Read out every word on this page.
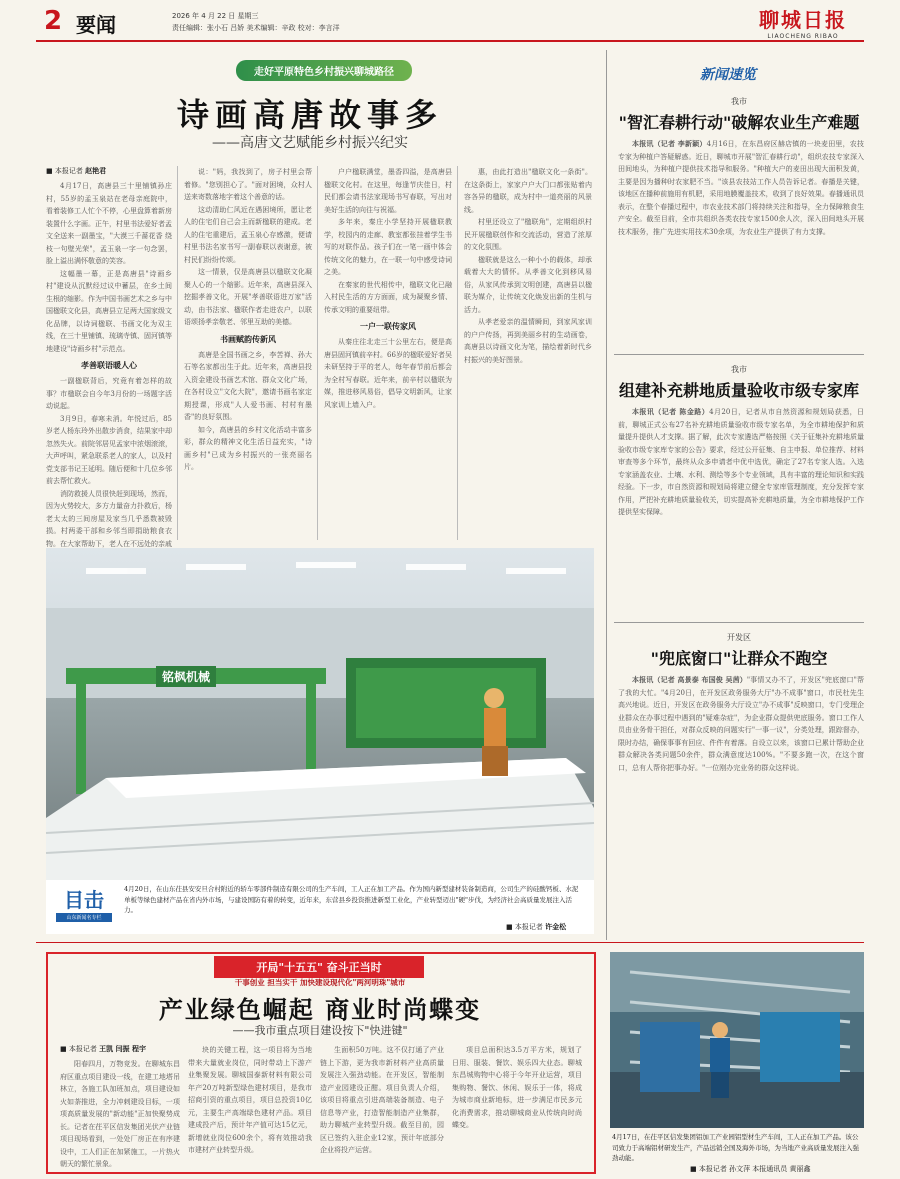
2 要闻	2026 年 4 月 22 日 星期三
责任编辑：张小石 吕娇 美术编辑：辛政 校对：李言洋	聊城日报
LIAOCHENG RIBAO
走好平原特色乡村振兴聊城路径
诗画高唐故事多
——高唐文艺赋能乡村振兴纪实
■ 本报记者 赵艳君

4月17日，高唐县三十里铺镇孙庄村，55岁的孟玉泉站在老母亲庭院中，看着装修工人忙个不停，心里盘算着新房装置什么字画。正午，村里书法爱好者孟文全送来一副墨宝，"大漠三千蔷花香 绕枝一句壁光荣"，孟玉泉一字一句念罢，脸上溢出满怀敬意的笑容。

这幅墨一幕，正是高唐县"诗画乡村"建设从沉默经过议中蓄层，在乡土间生根的缩影。作为中国书画艺术之乡与中国楹联文化县，高唐县立足两大国家级文化品牌，以诗词楹联、书画文化为双主线，在三十里铺镇、琉璃寺镇、固河镇等地建设"诗画乡村"示范点。

孝善联语暖人心

一副楹联背后，究竟有着怎样的故事？市楹联会自今年3月份的一场题字活动说起。

3月9日，春寒未消。年悦过后，85岁老人杨东玲外出散步消食，结果家中却忽然失火。前院邻居见孟家中浓烟滚滚，大声呼叫，紧急联系老人的家人，以及村党支部书记王延明。随后便和十几位乡邻前去帮忙救火。

消防救援人员很快赶到现场，然而，因为火势较大，多方力量奋力扑救后，杨老太太的三间房屋及家当几乎悉数被毁损。村两委干部和乡邻当即捐助粮食衣物。在大家帮助下，老人在不远处的亲戚

说："妈，我找到了，房子村里会帮着修。"您别担心了。"面对困境，众村人送来寄数落地字着这个善意的话。

这动清助仁风近在遇困境所，愿让老人的住宅们自己会主而新楹联的建成。老人的住宅重建后，孟玉泉心存感激，便请村里书法名家书写一副春联以表谢意，被村民们纷纷传颂。

这一情景，仅是高唐县以楹联文化凝聚人心的一个缩影。近年来，高唐县深入挖掘孝善文化，开展"孝善联语进万家"活动，由书法家、楹联作者走进农户，以联语颂扬孝亲敬老、邻里互助的美德。

书画赋韵传新风

高唐是全国书画之乡，李苦禅、孙大石等名家都出生于此。近年来，高唐县投入资金建设书画艺术馆、群众文化广场，在各村设立"文化大院"，邀请书画名家定期授课，形成"人人爱书画、村村有墨香"的良好氛围。

如今，高唐县的乡村文化活动丰富多彩，群众的精神文化生活日益充实，"诗画乡村"已成为乡村振兴的一张亮丽名片。

户户楹联满堂，墨香四溢，是高唐县楹联文化村。在这里，每逢节庆佳日，村民们都会请书法家现场书写春联，写出对美好生活的向往与祝福。

多年来，秦庄小学坚持开展楹联教学，校园内的走廊、教室都张挂着学生书写的对联作品。孩子们在一笔一画中体会传统文化的魅力，在一联一句中感受诗词之美。

在秦家的世代相传中，楹联文化已融入村民生活的方方面面，成为凝聚乡情、传承文明的重要纽带。

一户一联传家风

从秦庄往北走三十公里左右，便是高唐县固河镇前辛村。66岁的楹联爱好者吴未研坚持于平的老人，每年春节前后都会为全村写春联。近年来，前辛村以楹联为媒，推进移风易俗，倡导文明新风，让家风家训上墙入户。

惠，由此打造出"楹联文化一条街"。在这条街上，家家户户大门口都张贴着内容各异的楹联，成为村中一道亮丽的风景线。

村里还设立了"楹联角"，定期组织村民开展楹联创作和交流活动，营造了浓厚的文化氛围。

楹联就是这么一种小小的载体，却承载着大大的情怀。从孝善文化到移风易俗，从家风传承到文明创建，高唐县以楹联为媒介，让传统文化焕发出新的生机与活力。

从孝老爱亲的温情瞬间，到家风家训的户户传扬，再到美丽乡村的生动画卷，高唐县以诗画文化为笔，描绘着新时代乡村振兴的美好图景。

铭枫机械
目击
山东新闻名专栏
4月20日，在山东茌县安安旦合村附近的轿车零部件制造有限公司的生产车间，工人正在加工产品。作为国内新型建材装备制造商，公司生产的硅酸钙板、水泥单板等绿色建材产品在省内外市场，与建设国防有着的转变，近年来，东营县乡投资推进新型工业化，产业转型迈出"硬"步伐，为经济社会高质量发展注入活力。
■ 本报记者 许金松
新闻速览
我市
"智汇春耕行动"破解农业生产难题

本报讯（记者 李新颖）4月16日，在东昌府区赫店镇的一块麦田里，农技专家为种植户答疑解惑。近日，聊城市开展"智汇春耕行动"，组织农技专家深入田间地头，为种植户提供技术指导和服务。"种植大户的麦田出现大面积发黄，主要是因为播种时农家肥不当。"该县农技站工作人员告诉记者。春播是关键，该地区在播种前施用有机肥，采用地膜覆盖技术，收到了良好效果。春播通讯员表示，在整个春播过程中，市农业技术部门将持续关注和指导，全力保障粮食生产安全。截至目前，全市共组织各类农技专家1500余人次，深入田间地头开展技术服务，推广先进实用技术30余项，为农业生产提供了有力支撑。

我市
组建补充耕地质量验收市级专家库

本报讯（记者 陈金路）4月20日，记者从市自然资源和规划局获悉，日前，聊城正式公布27名补充耕地质量验收市级专家名单，为全市耕地保护和质量提升提供人才支撑。据了解，此次专家遴选严格按照《关于征集补充耕地质量验收市级专家库专家的公告》要求，经过公开征集、自主申报、单位推荐、材料审查等多个环节，最终从众多申请者中优中选优，确定了27名专家人选。入选专家涵盖农业、土壤、水利、测绘等多个专业领域，具有丰富的理论知识和实践经验。下一步，市自然资源和规划局将建立健全专家库管理制度，充分发挥专家作用，严把补充耕地质量验收关，切实提高补充耕地质量，为全市耕地保护工作提供坚实保障。

开发区
"兜底窗口"让群众不跑空

本报讯（记者 高景泰 布国俊 吴茜）"事情又办不了，开发区"兜底窗口"帮了我的大忙。"4月20日，在开发区政务服务大厅"办不成事"窗口，市民杜先生高兴地说。近日，开发区在政务服务大厅设立"办不成事"反映窗口，专门受理企业群众在办事过程中遇到的"疑难杂症"，为企业群众提供兜底服务。窗口工作人员由业务骨干担任，对群众反映的问题实行"一事一议"，分类处理，跟踪督办，限时办结，确保事事有回应、件件有着落。自设立以来，该窗口已累计帮助企业群众解决各类问题50余件，群众满意度达100%。"不要多跑一次，在这个窗口，总有人帮你把事办好。"一位刚办完业务的群众这样说。

开局"十五五" 奋斗正当时
干事创业 担当实干 加快建设现代化"两河明珠"城市
产业绿色崛起 商业时尚蝶变
——我市重点项目建设按下"快进键"
■ 本报记者 王凯 闫振 程宇

阳春四月，万物竞发。在聊城东昌府区重点项目建设一线，在建工地塔吊林立，各施工队加班加点，项目建设如火如荼推进，全力冲刺建设目标，一项项高质量发展的"新动能"正加快聚势成长。记者在茌平区信发集团光伏产业链项目现场看到，一处处厂房正在有序建设中，工人们正在加紧施工，一片热火朝天的繁忙景象。

块的关键工程，这一项目将为当地带来大量就业岗位，同时带动上下游产业集聚发展。聊城国泰新材料有限公司年产20万吨新型绿色建材项目，是我市招商引资的重点项目，项目总投资10亿元，主要生产高端绿色建材产品。项目建成投产后，预计年产值可达15亿元，新增就业岗位600余个，将有效推动我市建材产业转型升级。

生面积50万吨。这不仅打通了产业链上下游，更为我市新材料产业高质量发展注入强劲动能。在开发区，智能制造产业园建设正酣。项目负责人介绍，该项目将重点引进高端装备制造、电子信息等产业，打造智能制造产业集群，助力聊城产业转型升级。截至目前，园区已签约入驻企业12家，预计年底部分企业将投产运营。

项目总面积达3.5万平方米，规划了日用、服装、餐饮、娱乐四大业态。聊城东昌城购物中心将于今年开业运营，项目集购物、餐饮、休闲、娱乐于一体，将成为城市商业新地标，进一步满足市民多元化消费需求，推动聊城商业从传统向时尚蝶变。

4月17日，在茌平区信发集团铝加工产业园铝型材生产车间，工人正在加工产品。该公司致力于高端铝材研发生产，产品远销全国及海外市场，为当地产业高质量发展注入强劲动能。
■ 本报记者 孙文萍 本报通讯员 黄丽鑫
